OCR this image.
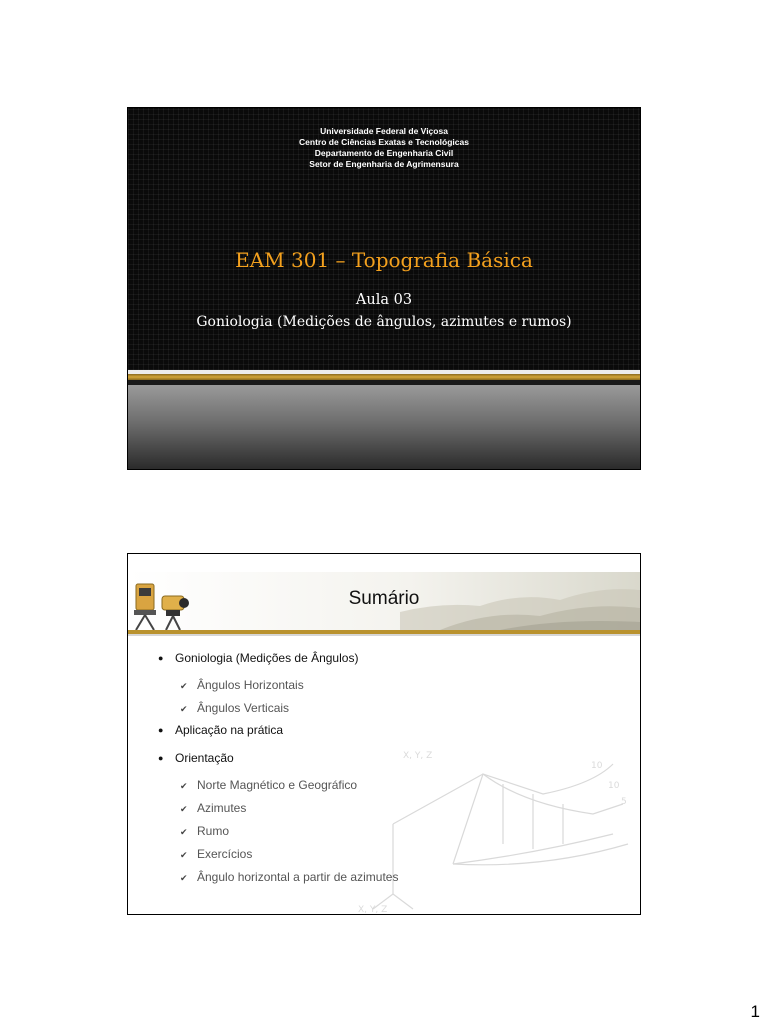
Universidade Federal de Viçosa
Centro de Ciências Exatas e Tecnológicas
Departamento de Engenharia Civil
Setor de Engenharia de Agrimensura
EAM 301 – Topografia Básica
Aula 03
Goniologia (Medições de ângulos, azimutes e rumos)
Sumário
X, Y, Z
X, Y, Z
10
10
5
● Goniologia (Medições de Ângulos)
✔ Ângulos Horizontais
✔ Ângulos Verticais
● Aplicação na prática
● Orientação
✔ Norte Magnético e Geográfico
✔ Azimutes
✔ Rumo
✔ Exercícios
✔ Ângulo horizontal a partir de azimutes
1
